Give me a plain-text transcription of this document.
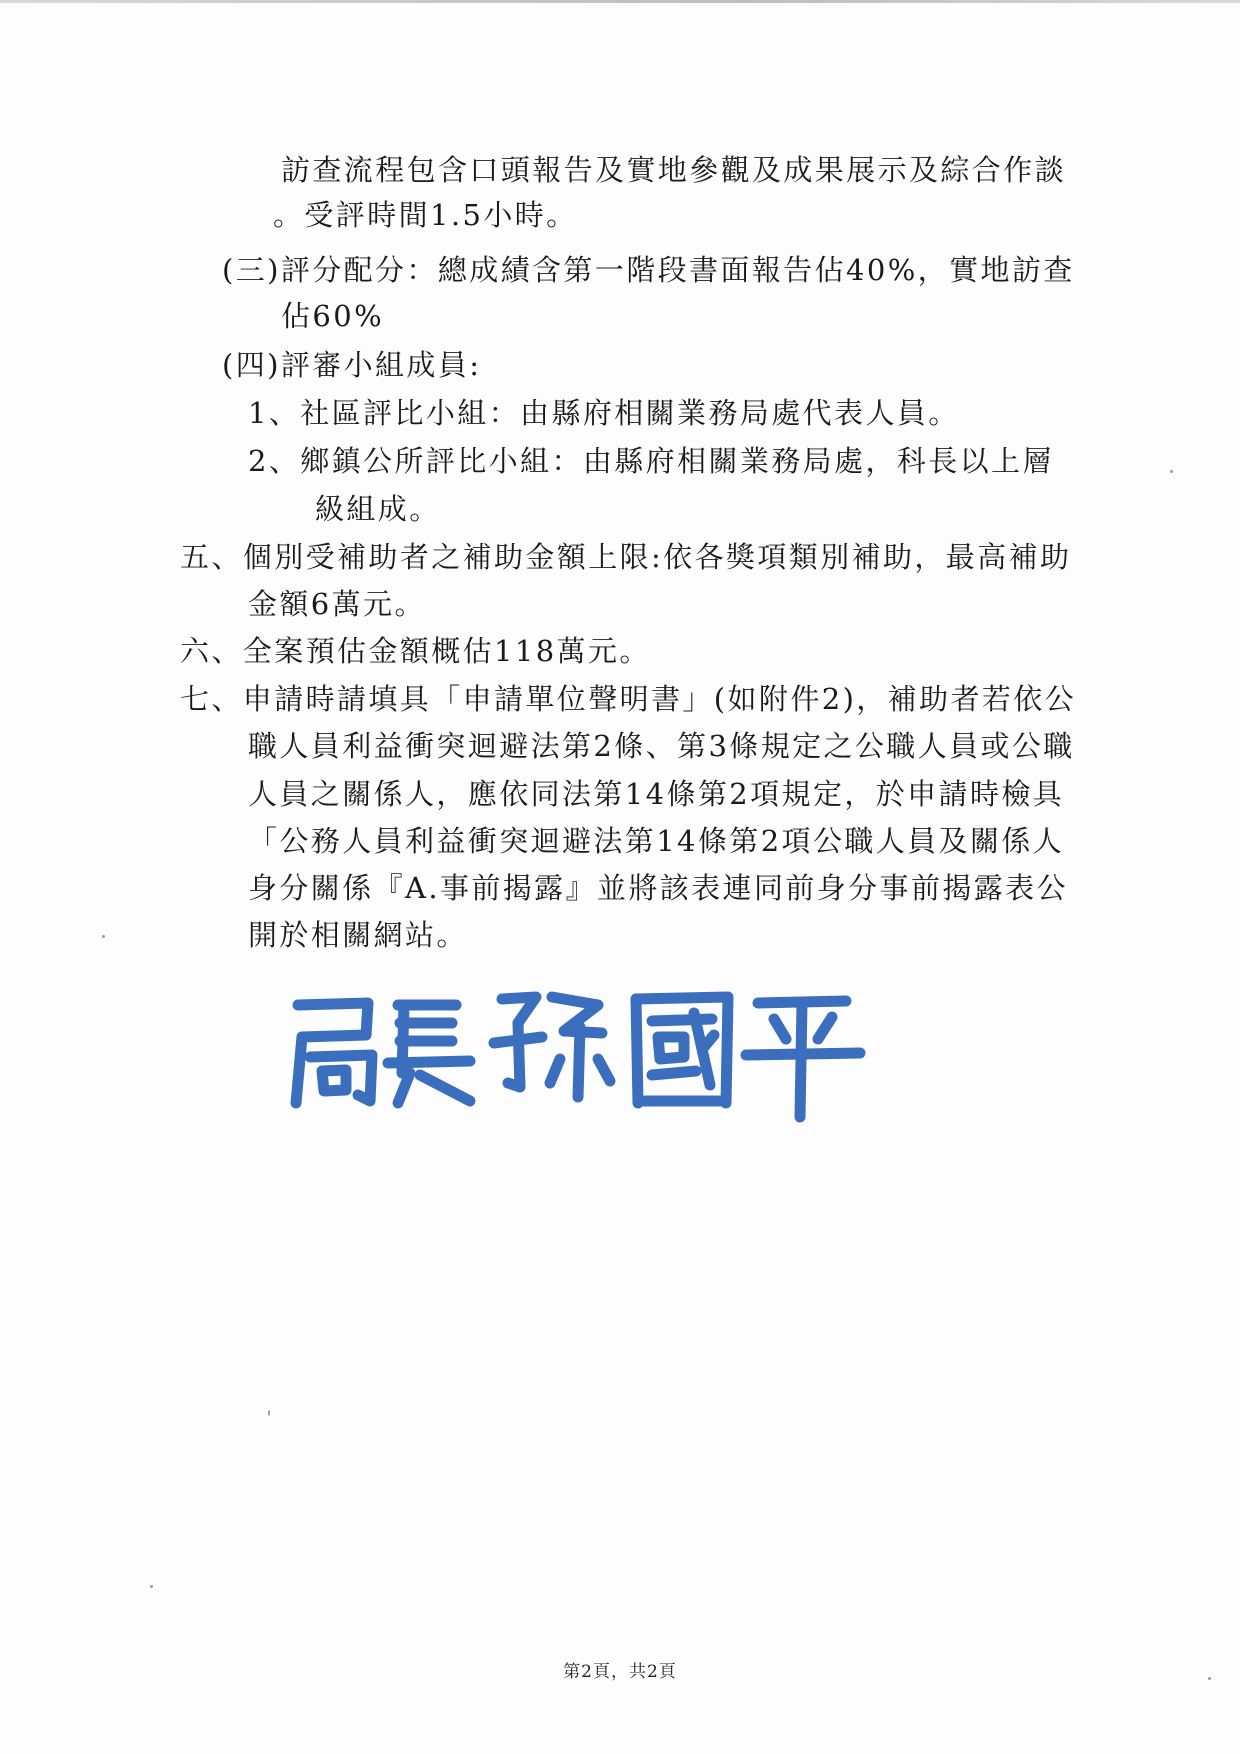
訪查流程包含口頭報告及實地參觀及成果展示及綜合作談
。受評時間1.5小時。
(三)評分配分：總成績含第一階段書面報告佔40%，實地訪查
佔60%
(四)評審小組成員:
1、社區評比小組：由縣府相關業務局處代表人員。
2、鄉鎮公所評比小組：由縣府相關業務局處，科長以上層
級組成。
五、個別受補助者之補助金額上限:依各獎項類別補助，最高補助
金額6萬元。
六、全案預估金額概估118萬元。
七、申請時請填具「申請單位聲明書」(如附件2)，補助者若依公
職人員利益衝突迴避法第2條、第3條規定之公職人員或公職
人員之關係人，應依同法第14條第2項規定，於申請時檢具
「公務人員利益衝突迴避法第14條第2項公職人員及關係人
身分關係『A.事前揭露』並將該表連同前身分事前揭露表公
開於相關網站。
第2頁，共2頁
